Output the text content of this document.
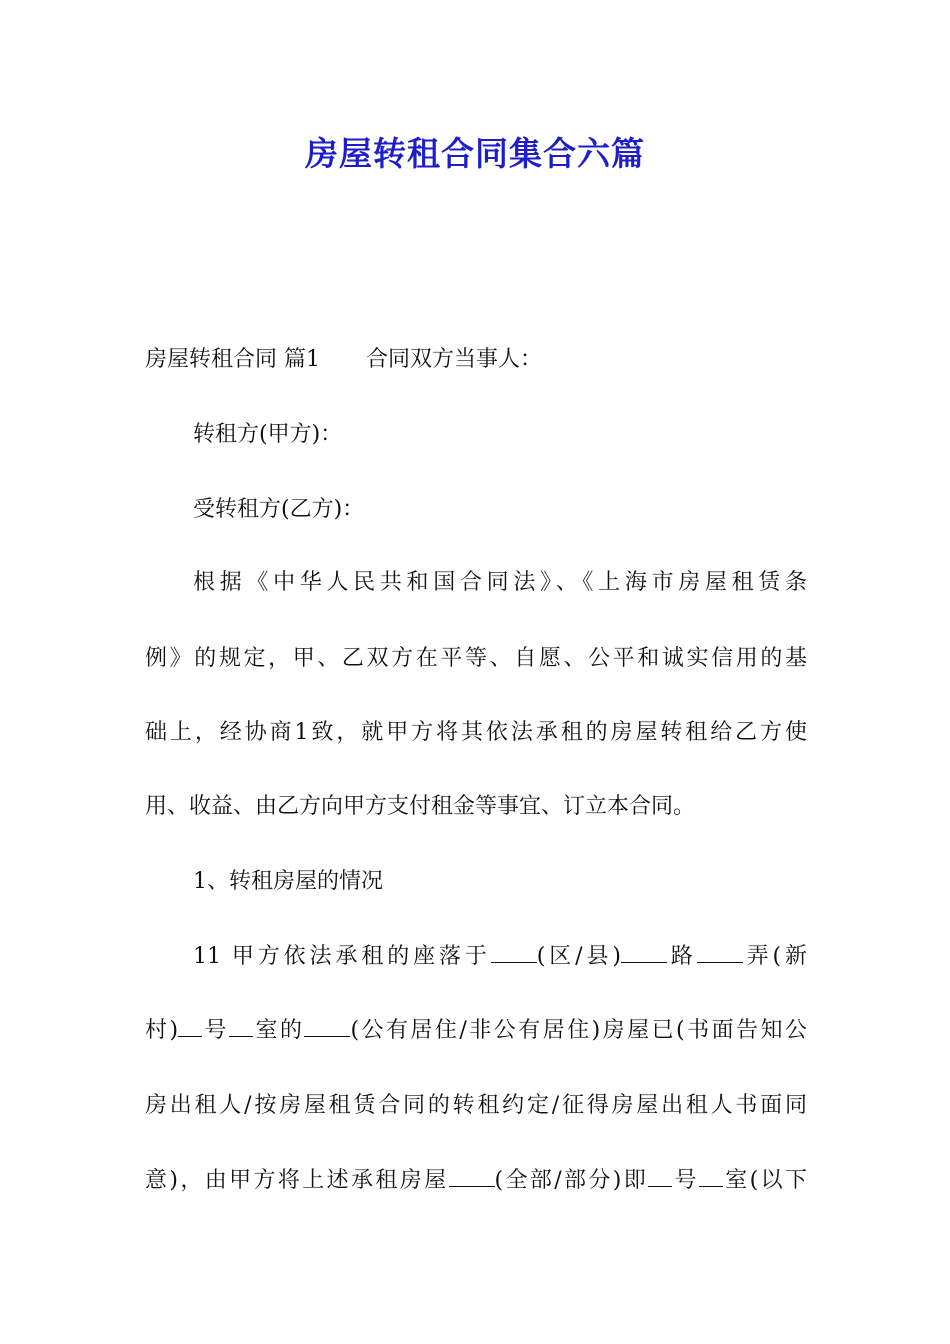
房屋转租合同集合六篇

房屋转租合同 篇1 合同双方当事人：

转租方(甲方)：

受转租方(乙方)：

根据《中华人民共和国合同法》、《上海市房屋租赁条

例》的规定，甲、乙双方在平等、自愿、公平和诚实信用的基

础上，经协商1致，就甲方将其依法承租的房屋转租给乙方使

用、收益、由乙方向甲方支付租金等事宜、订立本合同。

1、转租房屋的情况

11 甲方依法承租的座落于 (区/县) 路 弄(新

村) 号 室的 (公有居住/非公有居住)房屋已(书面告知公

房出租人/按房屋租赁合同的转租约定/征得房屋出租人书面同

意)，由甲方将上述承租房屋 (全部/部分)即 号 室(以下
